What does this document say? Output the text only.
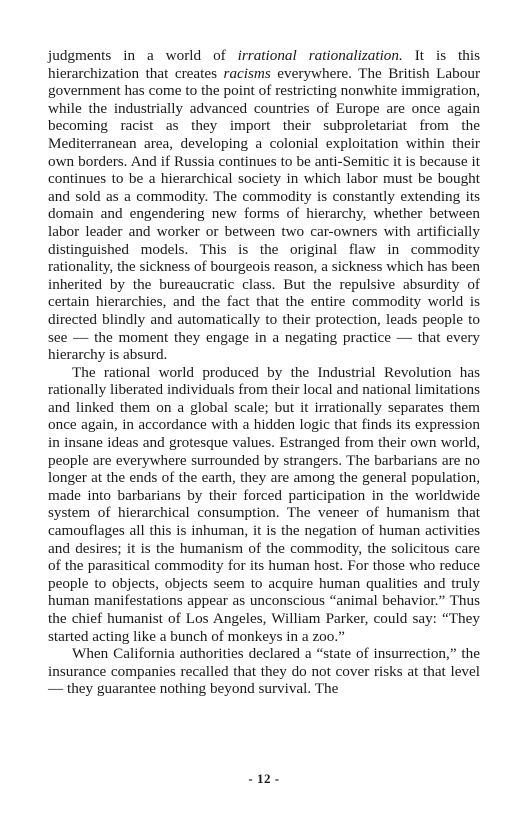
judgments in a world of irrational rationalization. It is this hierarchization that creates racisms everywhere. The British Labour government has come to the point of restricting nonwhite immigration, while the industrially advanced countries of Europe are once again becoming racist as they import their subproletariat from the Mediterranean area, developing a colonial exploitation within their own borders. And if Russia continues to be anti-Semitic it is because it continues to be a hierarchical society in which labor must be bought and sold as a commodity. The commodity is constantly extending its domain and engendering new forms of hierarchy, whether between labor leader and worker or between two car-owners with artificially distinguished models. This is the original flaw in commodity rationality, the sickness of bourgeois reason, a sickness which has been inherited by the bureaucratic class. But the repulsive absurdity of certain hierarchies, and the fact that the entire commodity world is directed blindly and automatically to their protection, leads people to see — the moment they engage in a negating practice — that every hierarchy is absurd.

The rational world produced by the Industrial Revolution has rationally liberated individuals from their local and national limitations and linked them on a global scale; but it irrationally separates them once again, in accordance with a hidden logic that finds its expression in insane ideas and grotesque values. Estranged from their own world, people are everywhere surrounded by strangers. The barbarians are no longer at the ends of the earth, they are among the general population, made into barbarians by their forced participation in the worldwide system of hierarchical consumption. The veneer of humanism that camouflages all this is inhuman, it is the negation of human activities and desires; it is the humanism of the commodity, the solicitous care of the parasitical commodity for its human host. For those who reduce people to objects, objects seem to acquire human qualities and truly human manifestations appear as unconscious “animal behavior.” Thus the chief humanist of Los Angeles, William Parker, could say: “They started acting like a bunch of monkeys in a zoo.”

When California authorities declared a “state of insurrection,” the insurance companies recalled that they do not cover risks at that level — they guarantee nothing beyond survival. The

- 12 -
